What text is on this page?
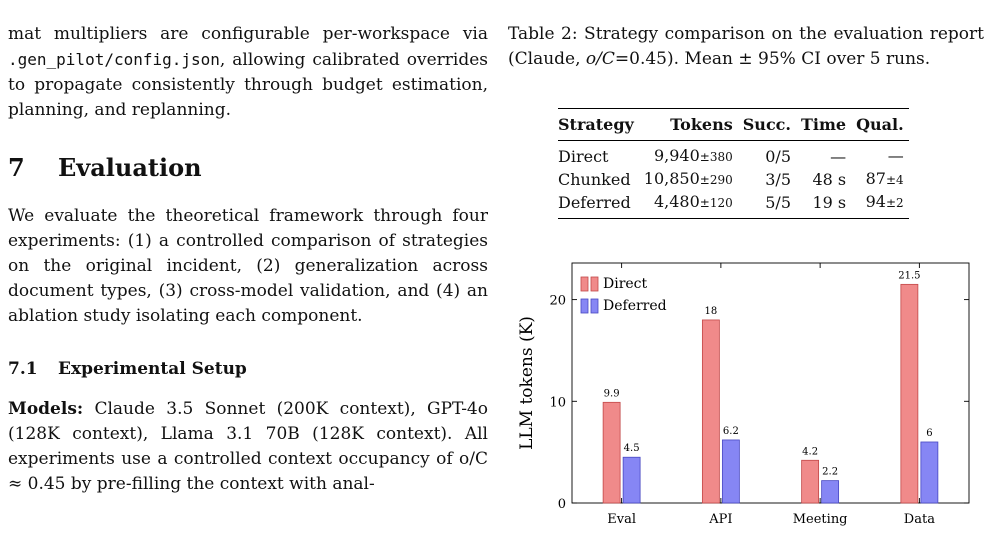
mat multipliers are configurable per-workspace via .gen_pilot/config.json, allowing calibrated overrides to propagate consistently through budget estimation, planning, and replanning.

7 Evaluation

We evaluate the theoretical framework through four experiments: (1) a controlled comparison of strategies on the original incident, (2) generalization across document types, (3) cross-model validation, and (4) an ablation study isolating each component.

7.1 Experimental Setup

Models: Claude 3.5 Sonnet (200K context), GPT-4o (128K context), Llama 3.1 70B (128K context). All experiments use a controlled context occupancy of o/C ≈ 0.45 by pre-filling the context with anal-

Table 2: Strategy comparison on the evaluation report (Claude, o/C=0.45). Mean ± 95% CI over 5 runs.
Strategy	Tokens	Succ.	Time	Qual.
Direct	9,940±380	0/5	—	—
Chunked	10,850±290	3/5	48 s	87±4
Deferred	4,480±120	5/5	19 s	94±2
0
10
20
LLM tokens (K)
Eval
9.9
4.5
API
18
6.2
Meeting
4.2
2.2
Data
21.5
6
Direct
Deferred
